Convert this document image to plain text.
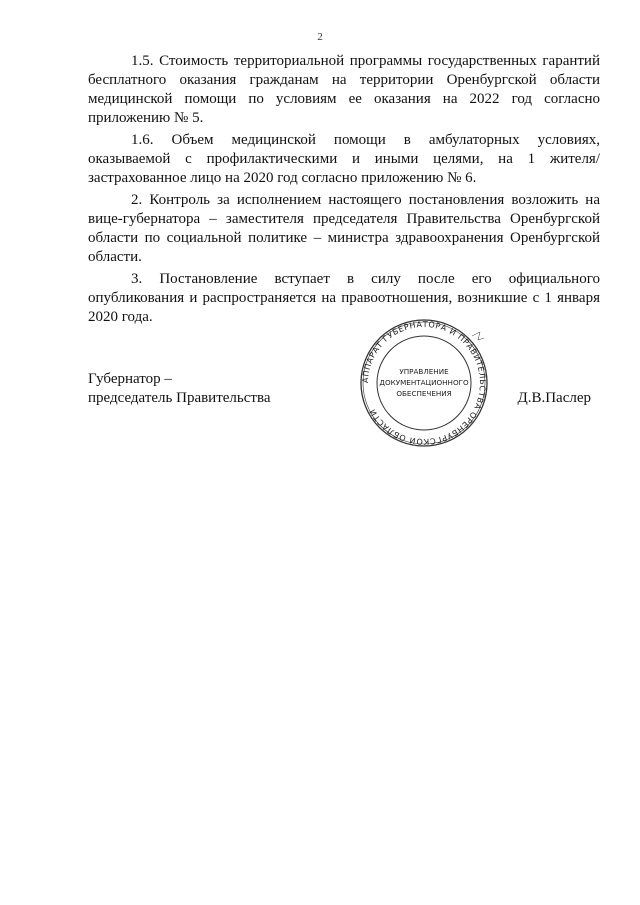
2

1.5. Стоимость территориальной программы государственных гарантий бесплатного оказания гражданам на территории Оренбургской области медицинской помощи по условиям ее оказания на 2022 год согласно приложению № 5.

1.6. Объем медицинской помощи в амбулаторных условиях, оказываемой с профилактическими и иными целями, на 1 жителя/застрахованное лицо на 2020 год согласно приложению № 6.

2. Контроль за исполнением настоящего постановления возложить на вице-губернатора – заместителя председателя Правительства Оренбургской области по социальной политике – министра здравоохранения Оренбургской области.

3. Постановление вступает в силу после его официального опубликования и распространяется на правоотношения, возникшие с 1 января 2020 года.

Губернатор –
председатель Правительства	Д.В.Паслер
АППАРАТ ГУБЕРНАТОРА И ПРАВИТЕЛЬСТВА ОРЕНБУРГСКОЙ ОБЛАСТИ
УПРАВЛЕНИЕ
ДОКУМЕНТАЦИОННОГО
ОБЕСПЕЧЕНИЯ
